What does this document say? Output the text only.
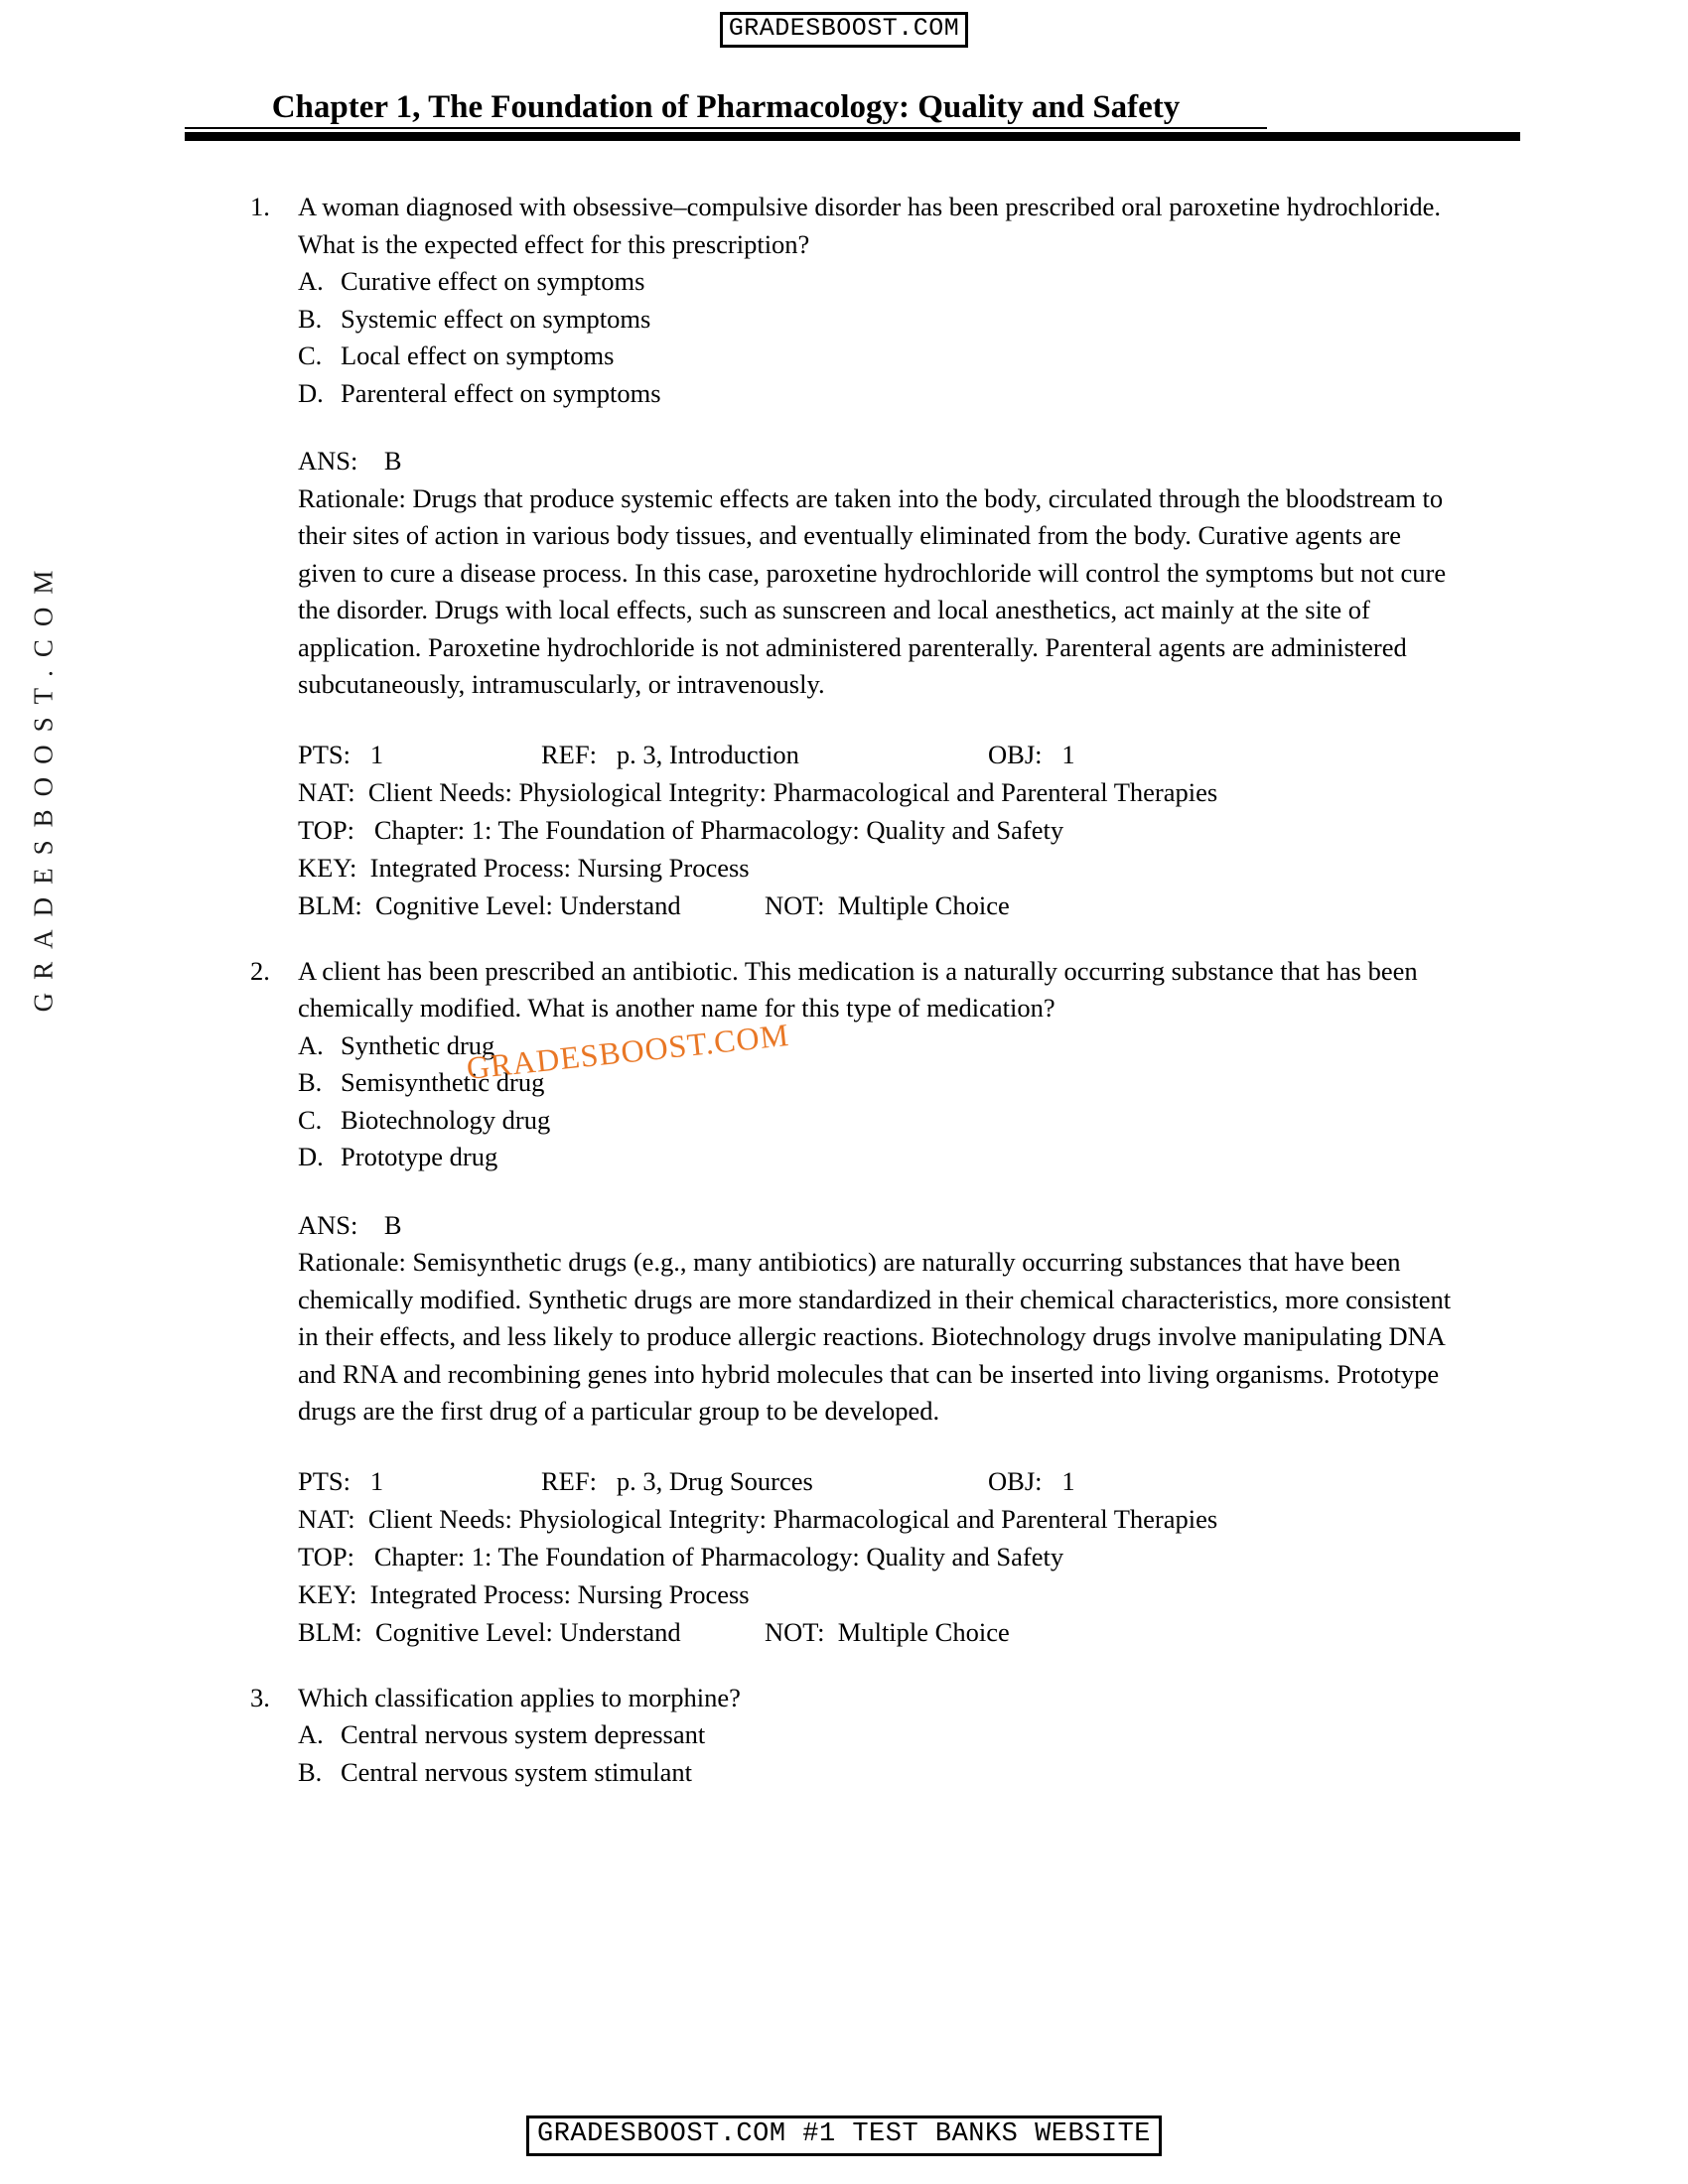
GRADESBOOST.COM
Chapter 1, The Foundation of Pharmacology: Quality and Safety
GRADESBOOST.COM
1.	A woman diagnosed with obsessive–compulsive disorder has been prescribed oral paroxetine hydrochloride. What is the expected effect for this prescription?
A. Curative effect on symptoms
B. Systemic effect on symptoms
C. Local effect on symptoms
D. Parenteral effect on symptoms
ANS: B
Rationale: Drugs that produce systemic effects are taken into the body, circulated through the bloodstream to their sites of action in various body tissues, and eventually eliminated from the body. Curative agents are given to cure a disease process. In this case, paroxetine hydrochloride will control the symptoms but not cure the disorder. Drugs with local effects, such as sunscreen and local anesthetics, act mainly at the site of application. Paroxetine hydrochloride is not administered parenterally. Parenteral agents are administered subcutaneously, intramuscularly, or intravenously.
PTS: 1	REF: p. 3, Introduction	OBJ: 1
NAT: Client Needs: Physiological Integrity: Pharmacological and Parenteral Therapies
TOP: Chapter: 1: The Foundation of Pharmacology: Quality and Safety
KEY: Integrated Process: Nursing Process
BLM: Cognitive Level: Understand	NOT: Multiple Choice
2.	A client has been prescribed an antibiotic. This medication is a naturally occurring substance that has been chemically modified. What is another name for this type of medication?
A. Synthetic drug
B. Semisynthetic drug
C. Biotechnology drug
D. Prototype drug
ANS: B
Rationale: Semisynthetic drugs (e.g., many antibiotics) are naturally occurring substances that have been chemically modified. Synthetic drugs are more standardized in their chemical characteristics, more consistent in their effects, and less likely to produce allergic reactions. Biotechnology drugs involve manipulating DNA and RNA and recombining genes into hybrid molecules that can be inserted into living organisms. Prototype drugs are the first drug of a particular group to be developed.
PTS: 1	REF: p. 3, Drug Sources	OBJ: 1
NAT: Client Needs: Physiological Integrity: Pharmacological and Parenteral Therapies
TOP: Chapter: 1: The Foundation of Pharmacology: Quality and Safety
KEY: Integrated Process: Nursing Process
BLM: Cognitive Level: Understand	NOT: Multiple Choice
3.	Which classification applies to morphine?
A. Central nervous system depressant
B. Central nervous system stimulant
GRADESBOOST.COM
GRADESBOOST.COM #1 TEST BANKS WEBSITE
